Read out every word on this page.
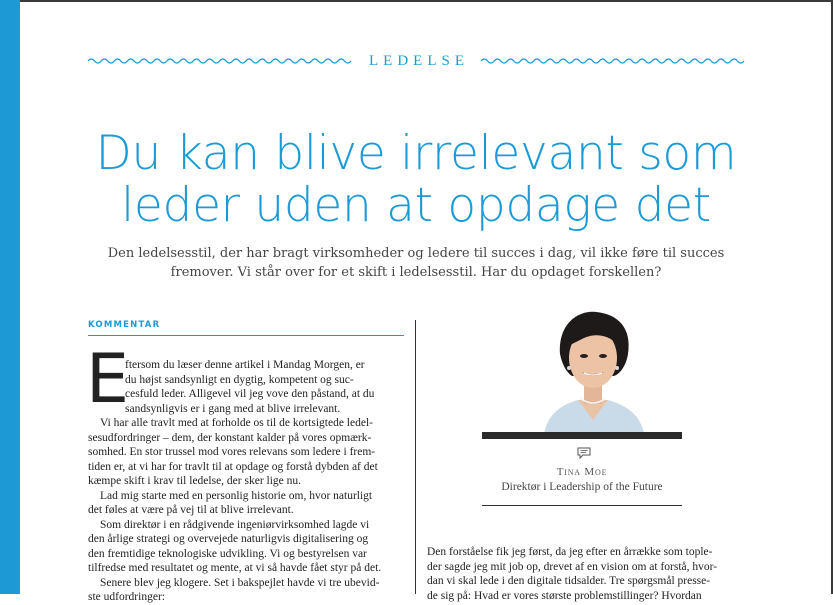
LEDELSE
Du kan blive irrelevant som
leder uden at opdage det

Den ledelsesstil, der har bragt virksomheder og ledere til succes i dag, vil ikke føre til succes
fremover. Vi står over for et skift i ledelsesstil. Har du opdaget forskellen?

KOMMENTAR
E
ftersom du læser denne artikel i Mandag Morgen, er
du højst sandsynligt en dygtig, kompetent og suc-
cesfuld leder. Alligevel vil jeg vove den påstand, at du
sandsynligvis er i gang med at blive irrelevant.
Vi har alle travlt med at forholde os til de kortsigtede ledel-
sesudfordringer – dem, der konstant kalder på vores opmærk-
somhed. En stor trussel mod vores relevans som ledere i frem-
tiden er, at vi har for travlt til at opdage og forstå dybden af det
kæmpe skift i krav til ledelse, der sker lige nu.
Lad mig starte med en personlig historie om, hvor naturligt
det føles at være på vej til at blive irrelevant.
Som direktør i en rådgivende ingeniørvirksomhed lagde vi
den årlige strategi og overvejede naturligvis digitalisering og
den fremtidige teknologiske udvikling. Vi og bestyrelsen var
tilfredse med resultatet og mente, at vi så havde fået styr på det.
Senere blev jeg klogere. Set i bakspejlet havde vi tre ubevid-
ste udfordringer:
Tina Moe
Direktør i Leadership of the Future
Den forståelse fik jeg først, da jeg efter en årrække som tople-
der sagde jeg mit job op, drevet af en vision om at forstå, hvor-
dan vi skal lede i den digitale tidsalder. Tre spørgsmål presse-
de sig på: Hvad er vores største problemstillinger? Hvordan
